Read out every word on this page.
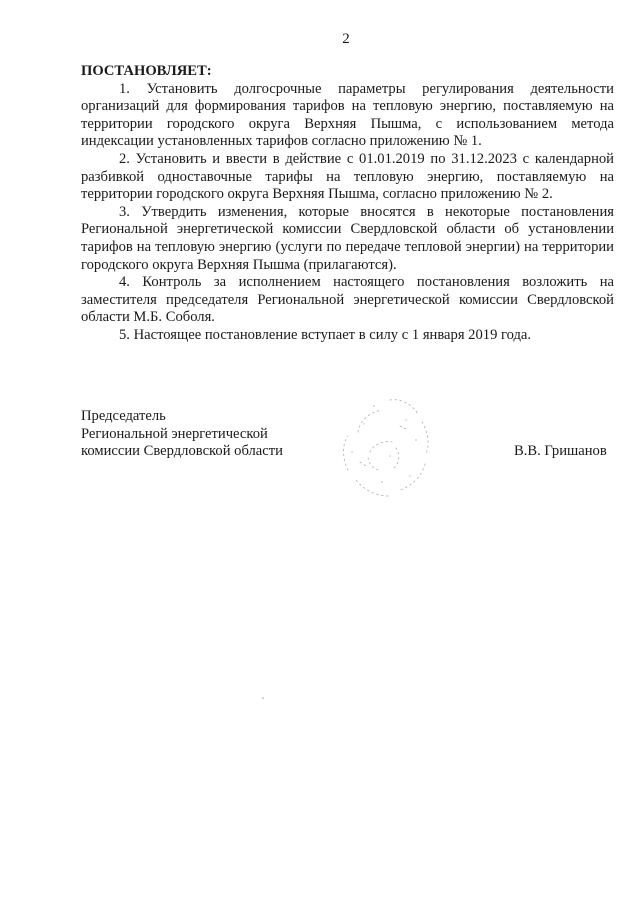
2

ПОСТАНОВЛЯЕТ:

1. Установить долгосрочные параметры регулирования деятельности организаций для формирования тарифов на тепловую энергию, поставляемую на территории городского округа Верхняя Пышма, с использованием метода индексации установленных тарифов согласно приложению № 1.

2. Установить и ввести в действие с 01.01.2019 по 31.12.2023 с календарной разбивкой одноставочные тарифы на тепловую энергию, поставляемую на территории городского округа Верхняя Пышма, согласно приложению № 2.

3. Утвердить изменения, которые вносятся в некоторые постановления Региональной энергетической комиссии Свердловской области об установлении тарифов на тепловую энергию (услуги по передаче тепловой энергии) на территории городского округа Верхняя Пышма (прилагаются).

4. Контроль за исполнением настоящего постановления возложить на заместителя председателя Региональной энергетической комиссии Свердловской области М.Б. Соболя.

5. Настоящее постановление вступает в силу с 1 января 2019 года.

Председатель
Региональной энергетической
комиссии Свердловской области	В.В. Гришанов
